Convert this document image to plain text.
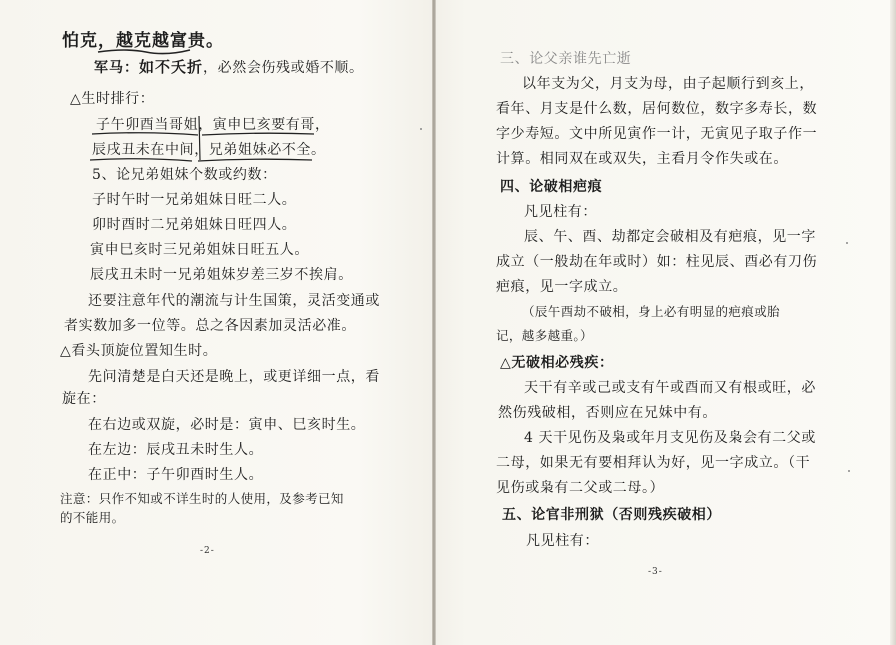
怕克，越克越富贵。
军马：如不夭折，必然会伤残或婚不顺。
△生时排行：
子午卯酉当哥姐，寅申巳亥要有哥，
辰戌丑未在中间，兄弟姐妹必不全。
5、论兄弟姐妹个数或约数：
子时午时一兄弟姐妹日旺二人。
卯时酉时二兄弟姐妹日旺四人。
寅申巳亥时三兄弟姐妹日旺五人。
辰戌丑未时一兄弟姐妹岁差三岁不挨肩。
还要注意年代的潮流与计生国策，灵活变通或
者实数加多一位等。总之各因素加灵活必准。
△看头顶旋位置知生时。
先问清楚是白天还是晚上，或更详细一点，看
旋在：
在右边或双旋，必时是：寅申、巳亥时生。
在左边：辰戌丑未时生人。
在正中：子午卯酉时生人。
注意：只作不知或不详生时的人使用，及参考已知
的不能用。
-2-
三、论父亲谁先亡逝
以年支为父，月支为母，由子起顺行到亥上，
看年、月支是什么数，居何数位，数字多寿长，数
字少寿短。文中所见寅作一计，无寅见子取子作一
计算。相同双在或双失，主看月令作失或在。
四、论破相疤痕
凡见柱有：
辰、午、酉、劫都定会破相及有疤痕，见一字
成立（一般劫在年或时）如：柱见辰、酉必有刀伤
疤痕，见一字成立。
（辰午酉劫不破相，身上必有明显的疤痕或胎
记，越多越重。）
△无破相必残疾：
天干有辛或己或支有午或酉而又有根或旺，必
然伤残破相，否则应在兄妹中有。
4 天干见伤及枭或年月支见伤及枭会有二父或
二母，如果无有要相拜认为好，见一字成立。（干
见伤或枭有二父或二母。）
五、论官非刑狱（否则残疾破相）
凡见柱有：
-3-
